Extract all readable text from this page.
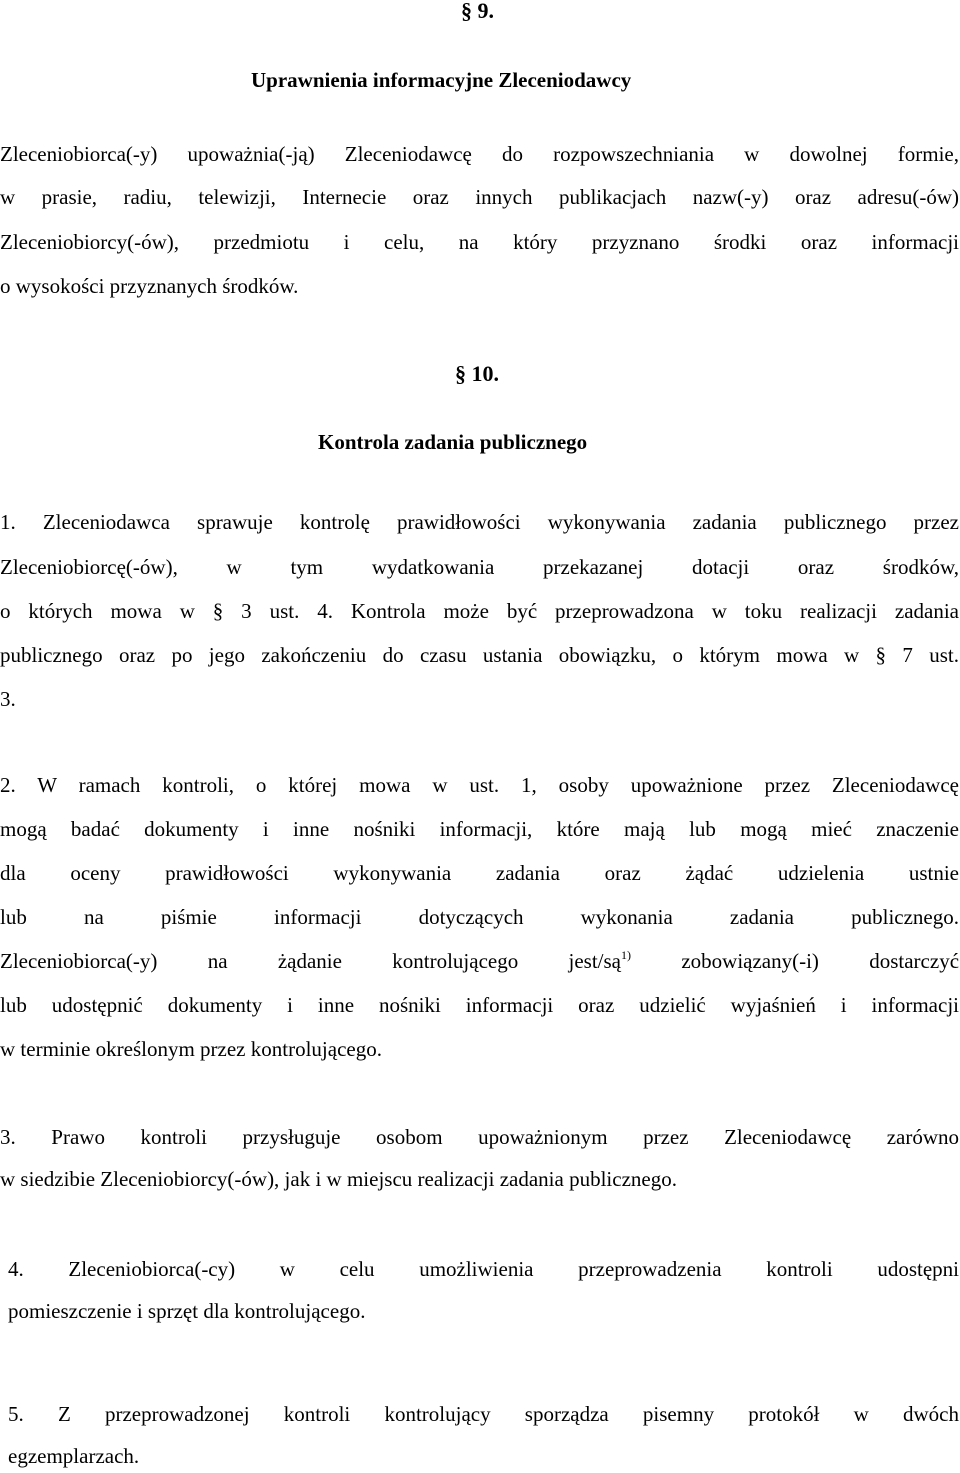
§ 9.
Uprawnienia informacyjne Zleceniodawcy
Zleceniobiorca(-y) upoważnia(-ją) Zleceniodawcę do rozpowszechniania w dowolnej formie,
w prasie, radiu, telewizji, Internecie oraz innych publikacjach nazw(-y) oraz adresu(-ów)
Zleceniobiorcy(-ów), przedmiotu i celu, na który przyznano środki oraz informacji
o wysokości przyznanych środków.
§ 10.
Kontrola zadania publicznego
1. Zleceniodawca sprawuje kontrolę prawidłowości wykonywania zadania publicznego przez
Zleceniobiorcę(-ów), w tym wydatkowania przekazanej dotacji oraz środków,
o których mowa w § 3 ust. 4. Kontrola może być przeprowadzona w toku realizacji zadania
publicznego oraz po jego zakończeniu do czasu ustania obowiązku, o którym mowa w § 7 ust.
3.
2. W ramach kontroli, o której mowa w ust. 1, osoby upoważnione przez Zleceniodawcę
mogą badać dokumenty i inne nośniki informacji, które mają lub mogą mieć znaczenie
dla oceny prawidłowości wykonywania zadania oraz żądać udzielenia ustnie
lub na piśmie informacji dotyczących wykonania zadania publicznego.
Zleceniobiorca(-y) na żądanie kontrolującego jest/$są^{1)}$ zobowiązany(-i) dostarczyć
lub udostępnić dokumenty i inne nośniki informacji oraz udzielić wyjaśnień i informacji
w terminie określonym przez kontrolującego.
3. Prawo kontroli przysługuje osobom upoważnionym przez Zleceniodawcę zarówno
w siedzibie Zleceniobiorcy(-ów), jak i w miejscu realizacji zadania publicznego.
4. Zleceniobiorca(-cy) w celu umożliwienia przeprowadzenia kontroli udostępni
pomieszczenie i sprzęt dla kontrolującego.
5. Z przeprowadzonej kontroli kontrolujący sporządza pisemny protokół w dwóch
egzemplarzach.
